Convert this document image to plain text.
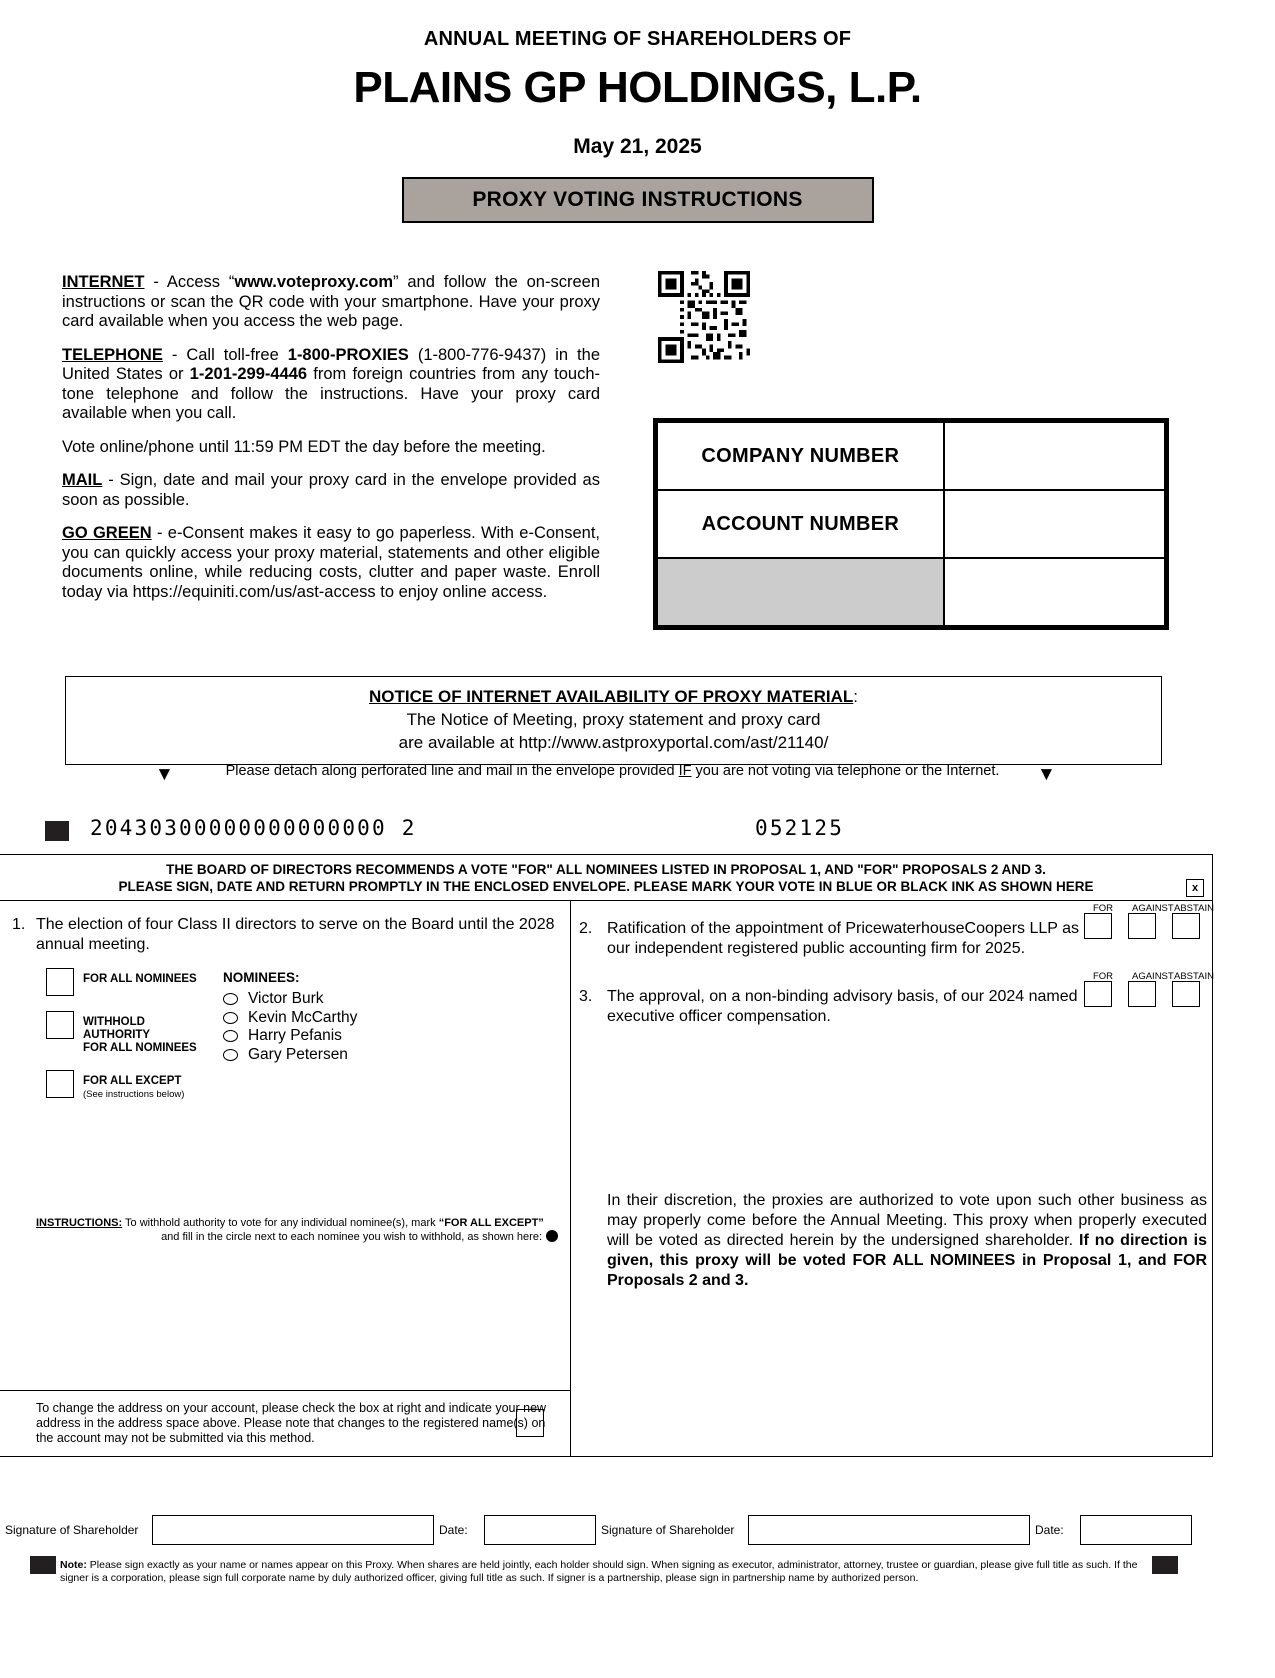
ANNUAL MEETING OF SHAREHOLDERS OF
PLAINS GP HOLDINGS, L.P.
May 21, 2025
PROXY VOTING INSTRUCTIONS

INTERNET - Access “www.voteproxy.com” and follow the on-screen instructions or scan the QR code with your smartphone. Have your proxy card available when you access the web page.

TELEPHONE - Call toll-free 1-800-PROXIES (1-800-776-9437) in the United States or 1-201-299-4446 from foreign countries from any touch-tone telephone and follow the instructions. Have your proxy card available when you call.

Vote online/phone until 11:59 PM EDT the day before the meeting.

MAIL - Sign, date and mail your proxy card in the envelope provided as soon as possible.

GO GREEN - e-Consent makes it easy to go paperless. With e-Consent, you can quickly access your proxy material, statements and other eligible documents online, while reducing costs, clutter and paper waste. Enroll today via https://equiniti.com/us/ast-access to enjoy online access.

COMPANY NUMBER	
ACCOUNT NUMBER	

NOTICE OF INTERNET AVAILABILITY OF PROXY MATERIAL:
The Notice of Meeting, proxy statement and proxy card
are available at http://www.astproxyportal.com/ast/21140/
▼	▼
Please detach along perforated line and mail in the envelope provided IF you are not voting via telephone or the Internet.
20430300000000000000 2	052125
THE BOARD OF DIRECTORS RECOMMENDS A VOTE "FOR" ALL NOMINEES LISTED IN PROPOSAL 1, AND "FOR" PROPOSALS 2 AND 3.
PLEASE SIGN, DATE AND RETURN PROMPTLY IN THE ENCLOSED ENVELOPE. PLEASE MARK YOUR VOTE IN BLUE OR BLACK INK AS SHOWN HERE	x
1. The election of four Class II directors to serve on the Board until the 2028 annual meeting.
FOR ALL NOMINEES
WITHHOLD AUTHORITY
FOR ALL NOMINEES
FOR ALL EXCEPT
(See instructions below)
NOMINEES:
Victor Burk
Kevin McCarthy
Harry Pefanis
Gary Petersen
INSTRUCTIONS: To withhold authority to vote for any individual nominee(s), mark “FOR ALL EXCEPT”
and fill in the circle next to each nominee you wish to withhold, as shown here:
To change the address on your account, please check the box at right and indicate your new address in the address space above. Please note that changes to the registered name(s) on the account may not be submitted via this method.
FOR	AGAINST ABSTAIN
2. Ratification of the appointment of PricewaterhouseCoopers LLP as our independent registered public accounting firm for 2025.
FOR	AGAINST ABSTAIN
3. The approval, on a non-binding advisory basis, of our 2024 named executive officer compensation.
In their discretion, the proxies are authorized to vote upon such other business as may properly come before the Annual Meeting. This proxy when properly executed will be voted as directed herein by the undersigned shareholder. If no direction is given, this proxy will be voted FOR ALL NOMINEES in Proposal 1, and FOR Proposals 2 and 3.
Signature of Shareholder	Date:	Signature of Shareholder	Date:
Note: Please sign exactly as your name or names appear on this Proxy. When shares are held jointly, each holder should sign. When signing as executor, administrator, attorney, trustee or guardian, please give full title as such. If the signer is a corporation, please sign full corporate name by duly authorized officer, giving full title as such. If signer is a partnership, please sign in partnership name by authorized person.
